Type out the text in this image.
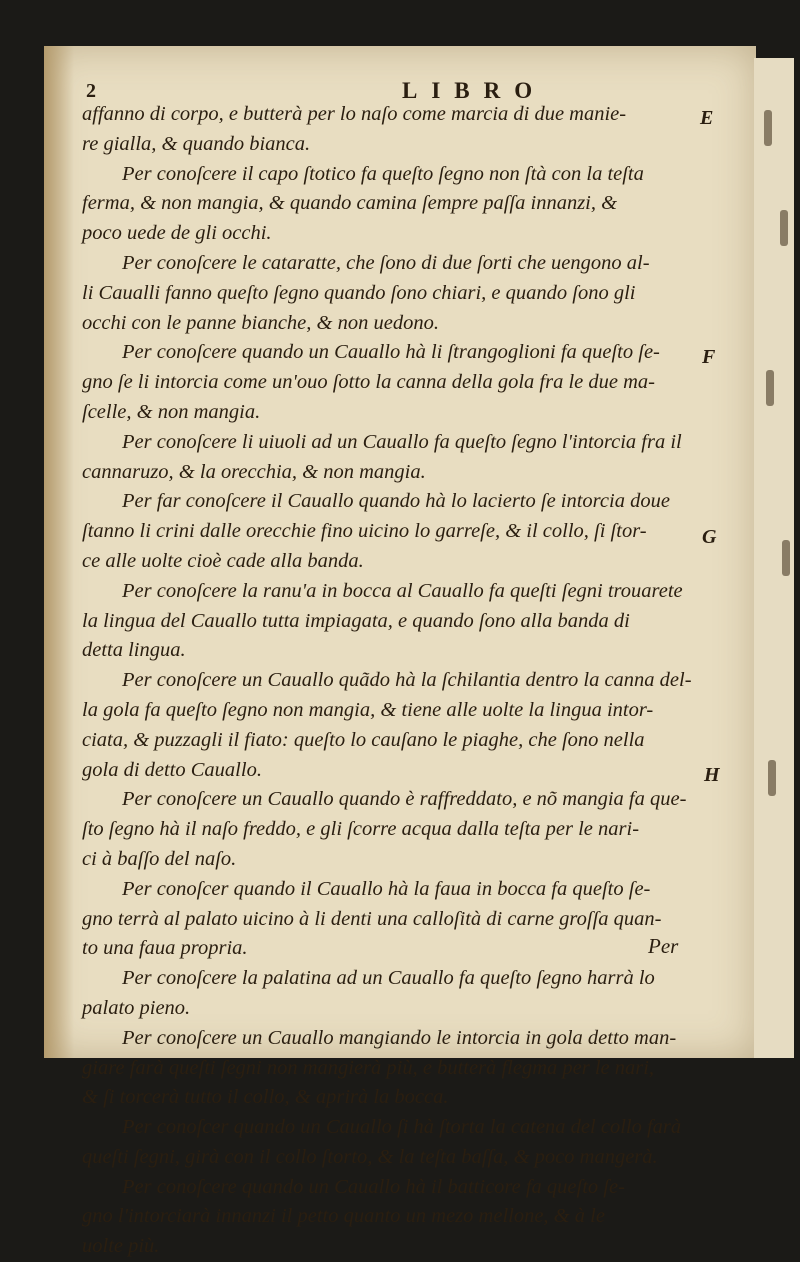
2	LIBRO
affanno di corpo, e butterà per lo naſo come marcia di due manie-
re gialla, & quando bianca.
Per conoſcere il capo ſtotico fa queſto ſegno non ſtà con la teſta
ferma, & non mangia, & quando camina ſempre paſſa innanzi, &
poco uede de gli occhi.
Per conoſcere le cataratte, che ſono di due ſorti che uengono al-
li Caualli fanno queſto ſegno quando ſono chiari, e quando ſono gli
occhi con le panne bianche, & non uedono.
Per conoſcere quando un Cauallo hà li ſtrangoglioni fa queſto ſe-
gno ſe li intorcia come un'ouo ſotto la canna della gola fra le due ma-
ſcelle, & non mangia.
Per conoſcere li uiuoli ad un Cauallo fa queſto ſegno l'intorcia fra il
cannaruzo, & la orecchia, & non mangia.
Per far conoſcere il Cauallo quando hà lo lacierto ſe intorcia doue
ſtanno li crini dalle orecchie fino uicino lo garreſe, & il collo, ſi ſtor-
ce alle uolte cioè cade alla banda.
Per conoſcere la ranu'a in bocca al Cauallo fa queſti ſegni trouarete
la lingua del Cauallo tutta impiagata, e quando ſono alla banda di
detta lingua.
Per conoſcere un Cauallo quãdo hà la ſchilantia dentro la canna del-
la gola fa queſto ſegno non mangia, & tiene alle uolte la lingua intor-
ciata, & puzzagli il fiato: queſto lo cauſano le piaghe, che ſono nella
gola di detto Cauallo.
Per conoſcere un Cauallo quando è raffreddato, e nõ mangia fa que-
ſto ſegno hà il naſo freddo, e gli ſcorre acqua dalla teſta per le nari-
ci à baſſo del naſo.
Per conoſcer quando il Cauallo hà la faua in bocca fa queſto ſe-
gno terrà al palato uicino à li denti una calloſità di carne groſſa quan-
to una faua propria.
Per conoſcere la palatina ad un Cauallo fa queſto ſegno harrà lo
palato pieno.
Per conoſcere un Cauallo mangiando le intorcia in gola detto man-
giare farà queſti ſegni non mangierà più, e butterà flegma per le nari,
& ſi torcerà tutto il collo, & aprirà la bocca.
Per conoſcer quando un Cauallo ſi hà ſtorta la catena del collo farà
queſti ſegni, girà con il collo ſtorto, & la teſta baſſa, & poco mangerà.
Per conoſcere quando un Cauallo hà il batticore fa queſto ſe-
gno l'intorciarà innanzi il petto quanto un mezo mellone, & à le
uolte più.
E
F
G
H
Per
